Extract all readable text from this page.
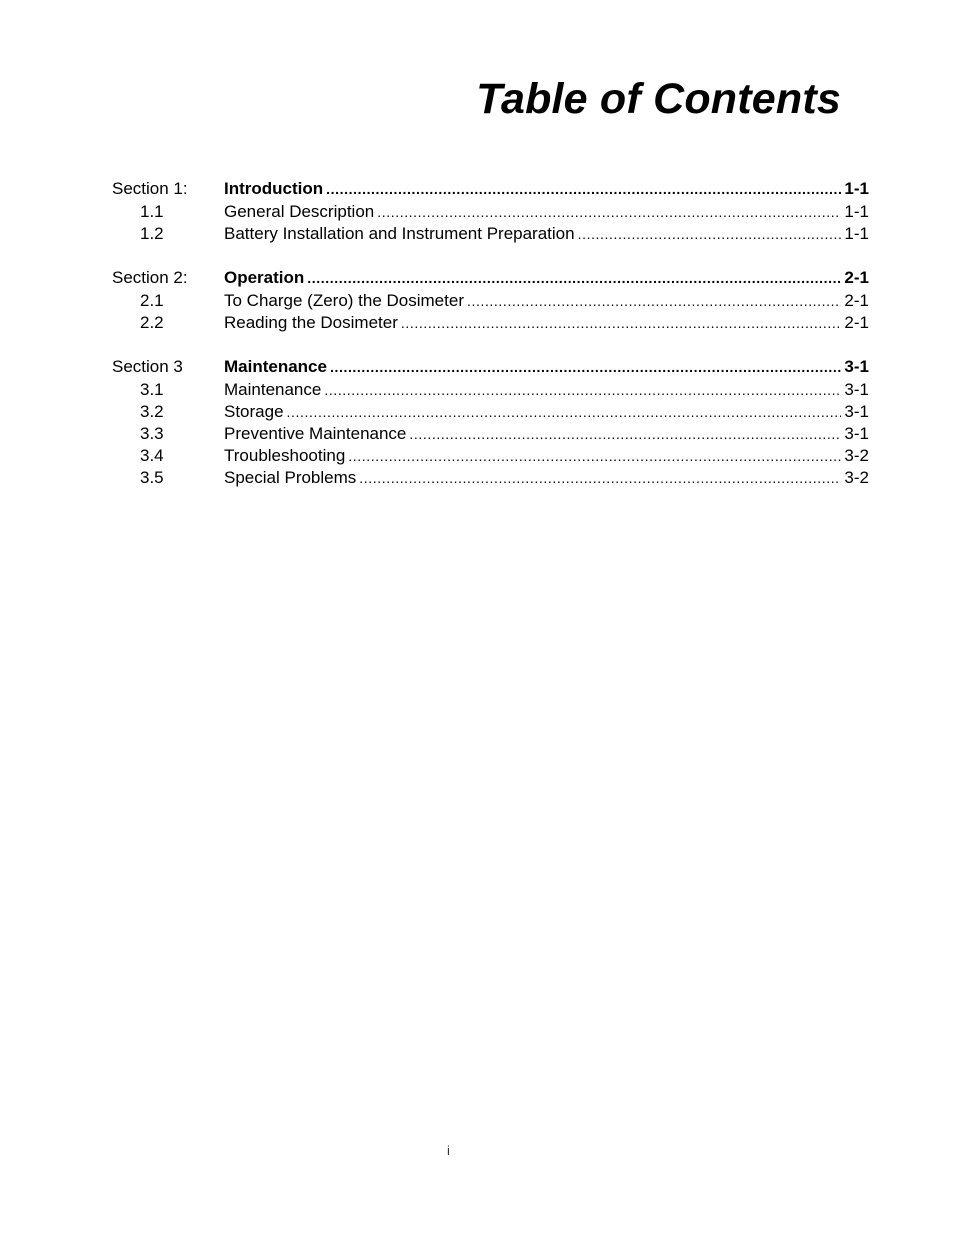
Table of Contents
Section 1:	Introduction .....	1-1
1.1	General Description .....	1-1
1.2	Battery Installation and Instrument Preparation .....	1-1
Section 2:	Operation .....	2-1
2.1	To Charge (Zero) the Dosimeter .....	2-1
2.2	Reading the Dosimeter .....	2-1
Section 3	Maintenance .....	3-1
3.1	Maintenance .....	3-1
3.2	Storage .....	3-1
3.3	Preventive Maintenance .....	3-1
3.4	Troubleshooting .....	3-2
3.5	Special Problems .....	3-2
i
